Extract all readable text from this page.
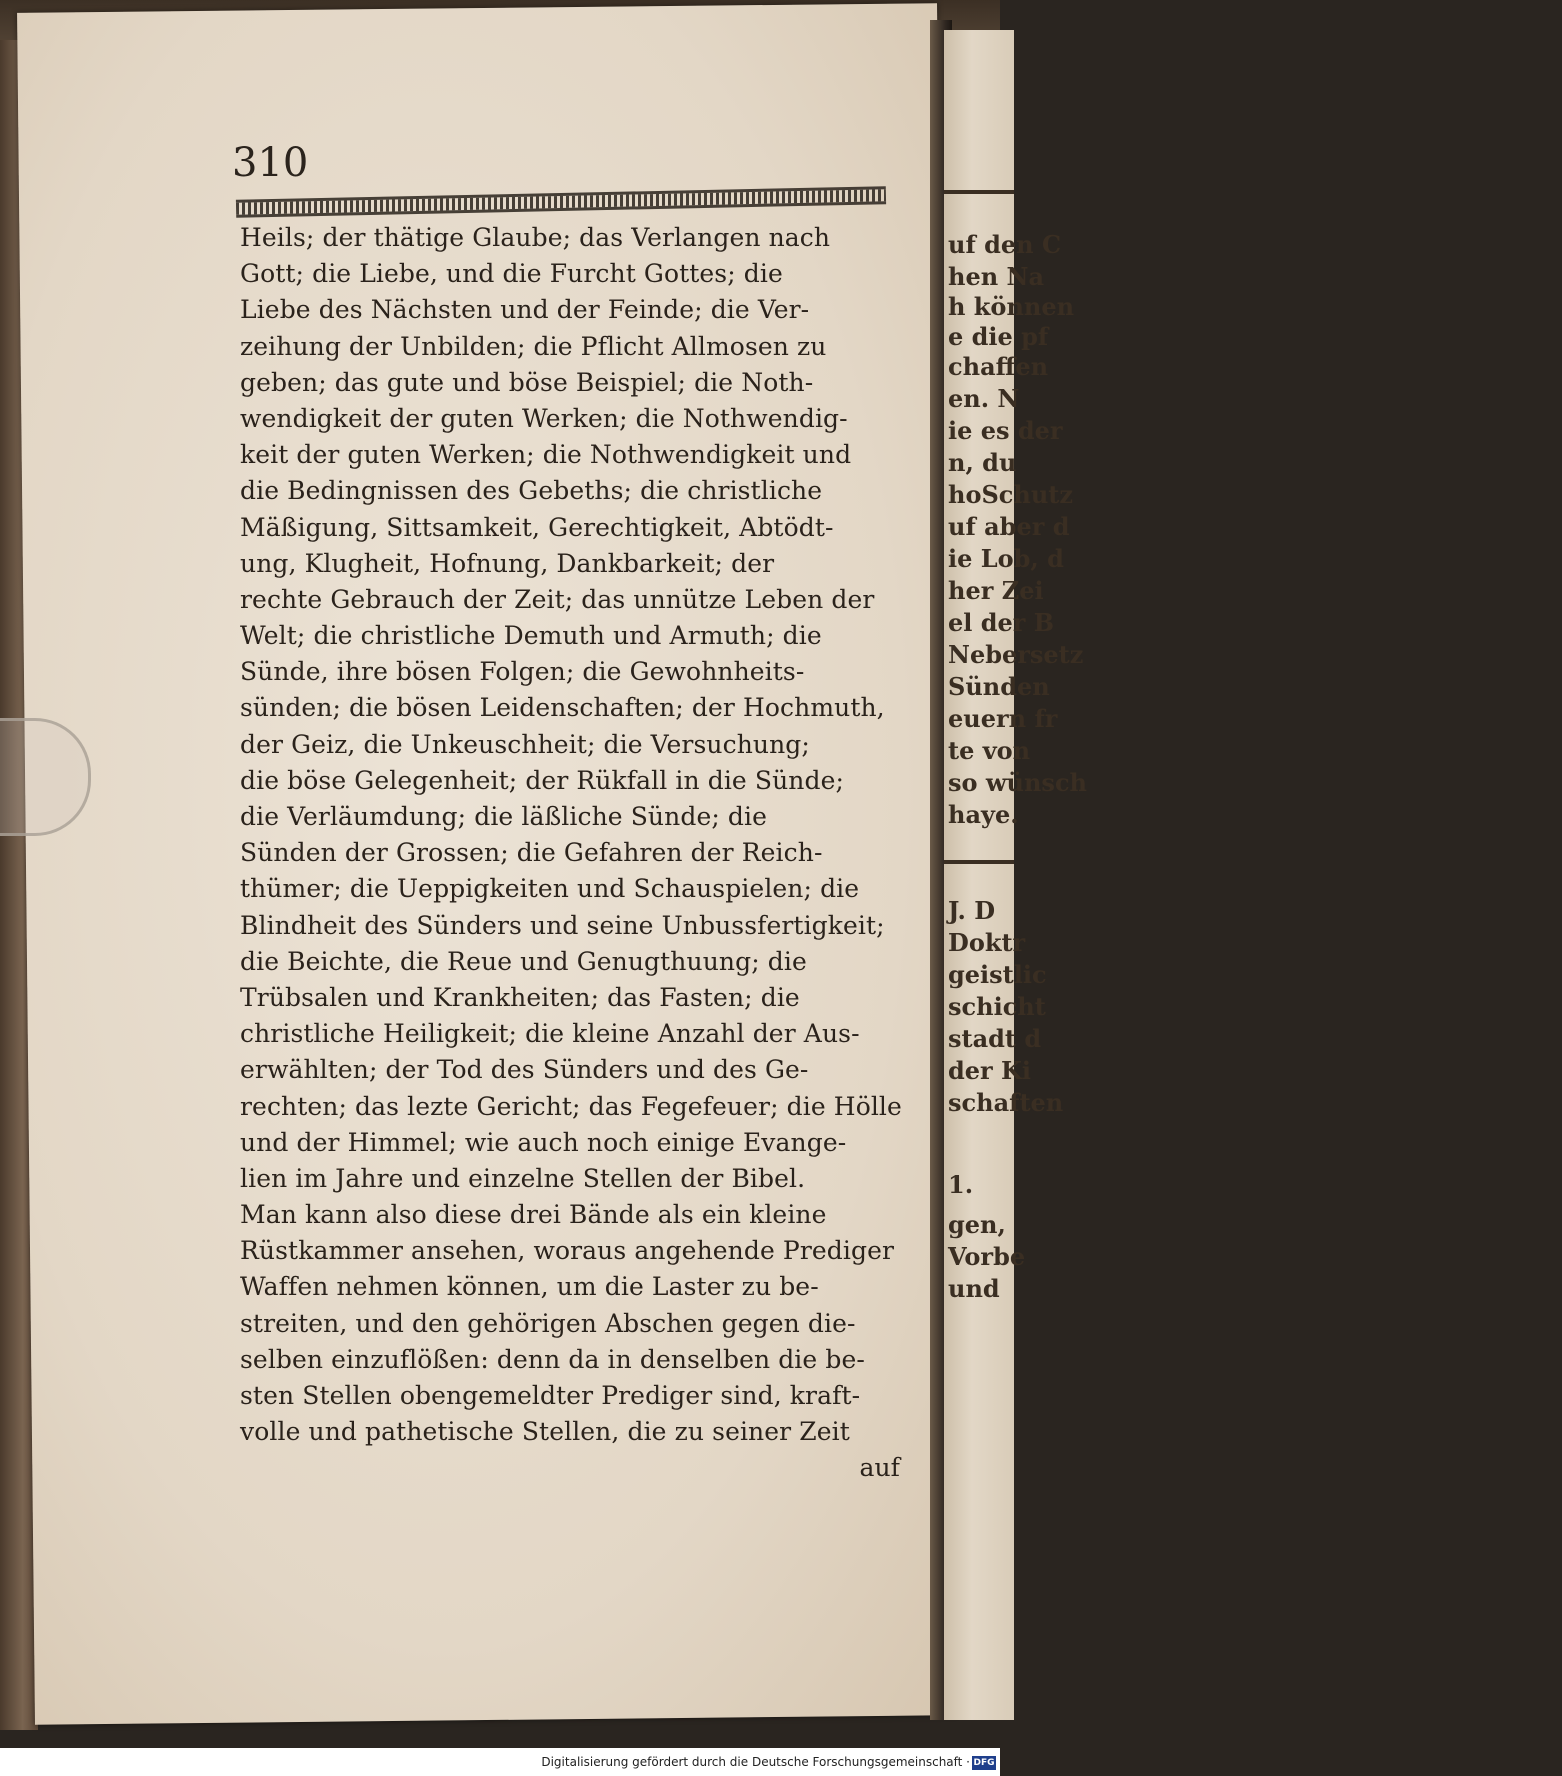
uf den C
hen Na
h können
e die pf
chaffen
en. N
ie es der
n, du
hoSchutz
uf aber d
ie Lob, d
her Zei
el der B
Nebersetz
Sünden
euern fr
te von
so wünsch
haye.
J. D
Doktr
geistlic
schicht
stadt d
der Ki
schaften
1.
gen,
Vorbe
und
310
Heils; der thätige Glaube; das Verlangen nach
Gott; die Liebe, und die Furcht Gottes; die
Liebe des Nächsten und der Feinde; die Ver-
zeihung der Unbilden; die Pflicht Allmosen zu
geben; das gute und böse Beispiel; die Noth-
wendigkeit der guten Werken; die Nothwendig-
keit der guten Werken; die Nothwendigkeit und
die Bedingnissen des Gebeths; die christliche
Mäßigung, Sittsamkeit, Gerechtigkeit, Abtödt-
ung, Klugheit, Hofnung, Dankbarkeit; der
rechte Gebrauch der Zeit; das unnütze Leben der
Welt; die christliche Demuth und Armuth; die
Sünde, ihre bösen Folgen; die Gewohnheits-
sünden; die bösen Leidenschaften; der Hochmuth,
der Geiz, die Unkeuschheit; die Versuchung;
die böse Gelegenheit; der Rükfall in die Sünde;
die Verläumdung; die läßliche Sünde; die
Sünden der Grossen; die Gefahren der Reich-
thümer; die Ueppigkeiten und Schauspielen; die
Blindheit des Sünders und seine Unbussfertigkeit;
die Beichte, die Reue und Genugthuung; die
Trübsalen und Krankheiten; das Fasten; die
christliche Heiligkeit; die kleine Anzahl der Aus-
erwählten; der Tod des Sünders und des Ge-
rechten; das lezte Gericht; das Fegefeuer; die Hölle
und der Himmel; wie auch noch einige Evange-
lien im Jahre und einzelne Stellen der Bibel.
Man kann also diese drei Bände als ein kleine
Rüstkammer ansehen, woraus angehende Prediger
Waffen nehmen können, um die Laster zu be-
streiten, und den gehörigen Abschen gegen die-
selben einzuflößen: denn da in denselben die be-
sten Stellen obengemeldter Prediger sind, kraft-
volle und pathetische Stellen, die zu seiner Zeit
auf
Digitalisierung gefördert durch die Deutsche Forschungsgemeinschaft · DFG
